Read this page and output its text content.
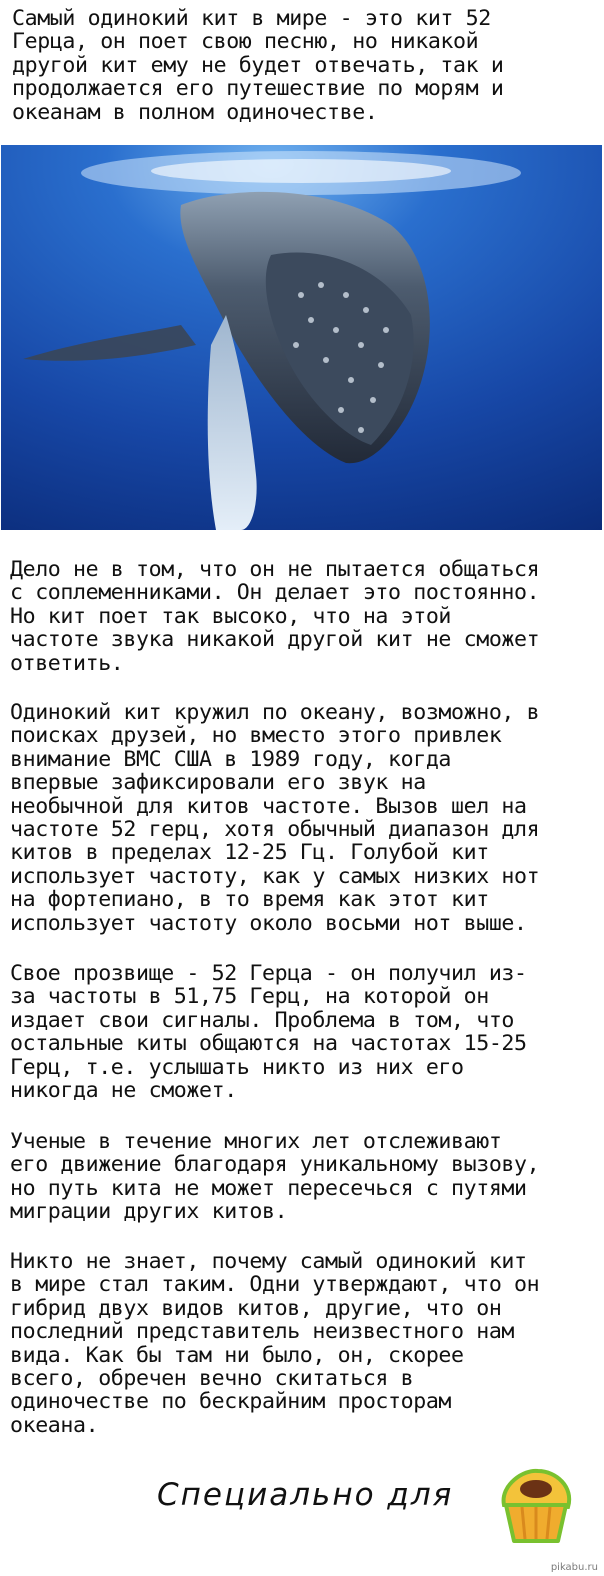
Самый одинокий кит в мире - это кит 52
Герца, он поет свою песню, но никакой
другой кит ему не будет отвечать, так и
продолжается его путешествие по морям и
океанам в полном одиночестве.

Дело не в том, что он не пытается общаться
с соплеменниками. Он делает это постоянно.
Но кит поет так высоко, что на этой
частоте звука никакой другой кит не сможет
ответить.

Одинокий кит кружил по океану, возможно, в
поисках друзей, но вместо этого привлек
внимание ВМС США в 1989 году, когда
впервые зафиксировали его звук на
необычной для китов частоте. Вызов шел на
частоте 52 герц, хотя обычный диапазон для
китов в пределах 12-25 Гц. Голубой кит
использует частоту, как у самых низких нот
на фортепиано, в то время как этот кит
использует частоту около восьми нот выше.

Свое прозвище - 52 Герца - он получил из-
за частоты в 51,75 Герц, на которой он
издает свои сигналы. Проблема в том, что
остальные киты общаются на частотах 15-25
Герц, т.е. услышать никто из них его
никогда не сможет.

Ученые в течение многих лет отслеживают
его движение благодаря уникальному вызову,
но путь кита не может пересечься с путями
миграции других китов.

Никто не знает, почему самый одинокий кит
в мире стал таким. Одни утверждают, что он
гибрид двух видов китов, другие, что он
последний представитель неизвестного нам
вида. Как бы там ни было, он, скорее
всего, обречен вечно скитаться в
одиночестве по бескрайним просторам
океана.

Специально для
pikabu.ru
